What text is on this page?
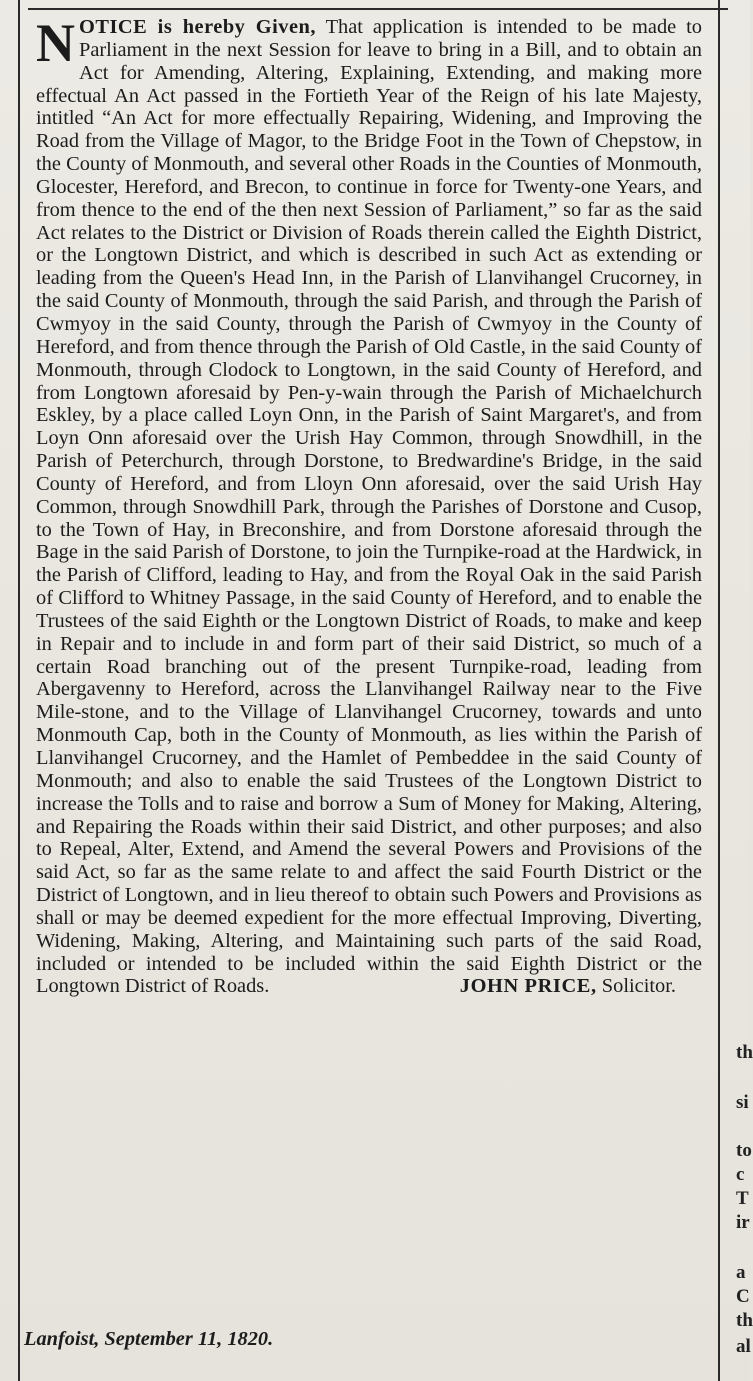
NOTICE is hereby Given, That application is intended to be made to Parliament in the next Session for leave to bring in a Bill, and to obtain an Act for Amending, Altering, Explaining, Extending, and making more effectual An Act passed in the Fortieth Year of the Reign of his late Majesty, intitled “An Act for more effectually Repairing, Widening, and Improving the Road from the Village of Magor, to the Bridge Foot in the Town of Chepstow, in the County of Monmouth, and several other Roads in the Counties of Monmouth, Glocester, Hereford, and Brecon, to continue in force for Twenty-one Years, and from thence to the end of the then next Session of Parliament,” so far as the said Act relates to the District or Division of Roads therein called the Eighth District, or the Longtown District, and which is described in such Act as extending or leading from the Queen's Head Inn, in the Parish of Llanvihangel Crucorney, in the said County of Monmouth, through the said Parish, and through the Parish of Cwmyoy in the said County, through the Parish of Cwmyoy in the County of Hereford, and from thence through the Parish of Old Castle, in the said County of Monmouth, through Clodock to Longtown, in the said County of Hereford, and from Longtown aforesaid by Pen-y-wain through the Parish of Michaelchurch Eskley, by a place called Loyn Onn, in the Parish of Saint Margaret's, and from Loyn Onn aforesaid over the Urish Hay Common, through Snowdhill, in the Parish of Peterchurch, through Dorstone, to Bredwardine's Bridge, in the said County of Hereford, and from Lloyn Onn aforesaid, over the said Urish Hay Common, through Snowdhill Park, through the Parishes of Dorstone and Cusop, to the Town of Hay, in Breconshire, and from Dorstone aforesaid through the Bage in the said Parish of Dorstone, to join the Turnpike-road at the Hardwick, in the Parish of Clifford, leading to Hay, and from the Royal Oak in the said Parish of Clifford to Whitney Passage, in the said County of Hereford, and to enable the Trustees of the said Eighth or the Longtown District of Roads, to make and keep in Repair and to include in and form part of their said District, so much of a certain Road branching out of the present Turnpike-road, leading from Abergavenny to Hereford, across the Llanvihangel Railway near to the Five Mile-stone, and to the Village of Llanvihangel Crucorney, towards and unto Monmouth Cap, both in the County of Monmouth, as lies within the Parish of Llanvihangel Crucorney, and the Hamlet of Pembeddee in the said County of Monmouth; and also to enable the said Trustees of the Longtown District to increase the Tolls and to raise and borrow a Sum of Money for Making, Altering, and Repairing the Roads within their said District, and other purposes; and also to Repeal, Alter, Extend, and Amend the several Powers and Provisions of the said Act, so far as the same relate to and affect the said Fourth District or the District of Longtown, and in lieu thereof to obtain such Powers and Provisions as shall or may be deemed expedient for the more effectual Improving, Diverting, Widening, Making, Altering, and Maintaining such parts of the said Road, included or intended to be included within the said Eighth District or the Longtown District of Roads.	JOHN PRICE, Solicitor.
Lanfoist, September 11, 1820.
th
si
to
c
T
ir
a
C
th
al
